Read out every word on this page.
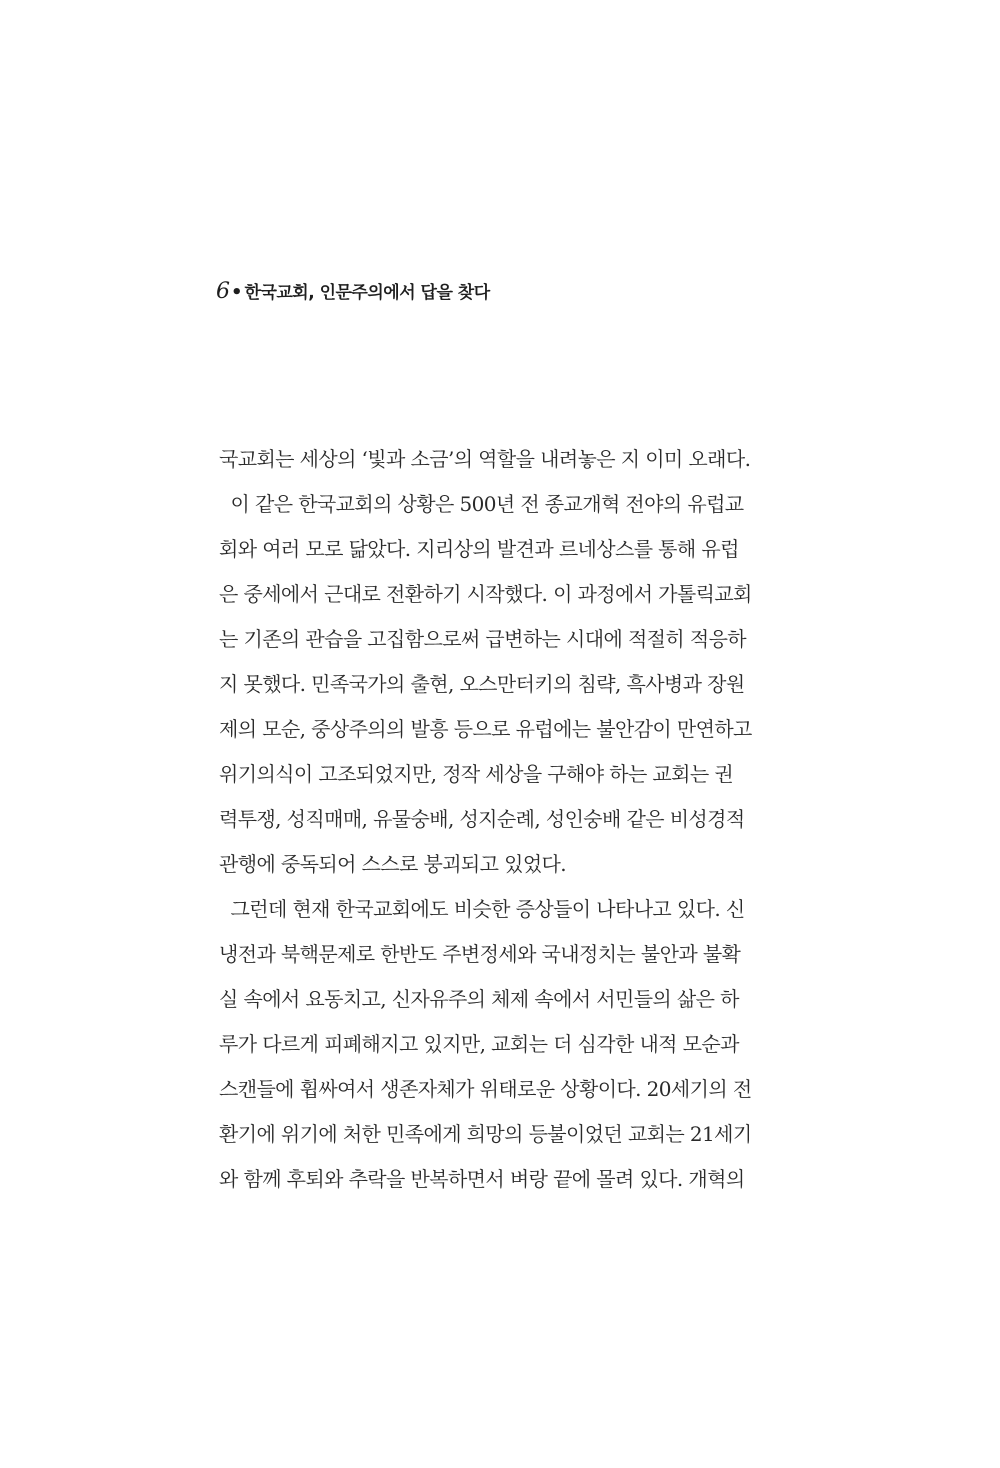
6 • 한국교회, 인문주의에서 답을 찾다
국교회는 세상의 ‘빛과 소금’의 역할을 내려놓은 지 이미 오래다.
이 같은 한국교회의 상황은 500년 전 종교개혁 전야의 유럽교
회와 여러 모로 닮았다. 지리상의 발견과 르네상스를 통해 유럽
은 중세에서 근대로 전환하기 시작했다. 이 과정에서 가톨릭교회
는 기존의 관습을 고집함으로써 급변하는 시대에 적절히 적응하
지 못했다. 민족국가의 출현, 오스만터키의 침략, 흑사병과 장원
제의 모순, 중상주의의 발흥 등으로 유럽에는 불안감이 만연하고
위기의식이 고조되었지만, 정작 세상을 구해야 하는 교회는 권
력투쟁, 성직매매, 유물숭배, 성지순례, 성인숭배 같은 비성경적
관행에 중독되어 스스로 붕괴되고 있었다.
그런데 현재 한국교회에도 비슷한 증상들이 나타나고 있다. 신
냉전과 북핵문제로 한반도 주변정세와 국내정치는 불안과 불확
실 속에서 요동치고, 신자유주의 체제 속에서 서민들의 삶은 하
루가 다르게 피폐해지고 있지만, 교회는 더 심각한 내적 모순과
스캔들에 휩싸여서 생존자체가 위태로운 상황이다. 20세기의 전
환기에 위기에 처한 민족에게 희망의 등불이었던 교회는 21세기
와 함께 후퇴와 추락을 반복하면서 벼랑 끝에 몰려 있다. 개혁의
